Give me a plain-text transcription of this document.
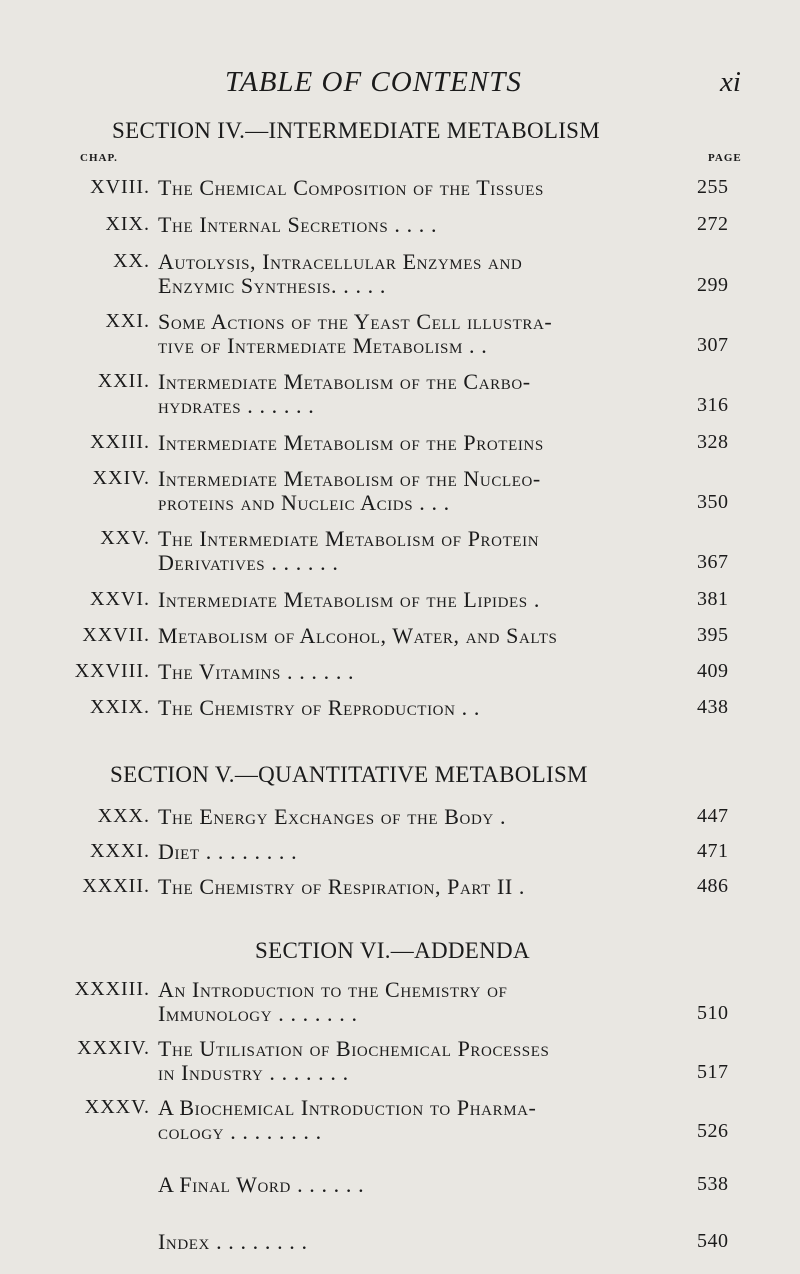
TABLE OF CONTENTS	xi
SECTION IV.—INTERMEDIATE METABOLISM
CHAP.	PAGE
XVIII. The Chemical Composition of the Tissues	255
XIX. The Internal Secretions . . . .	272
XX. Autolysis, Intracellular Enzymes and
Enzymic Synthesis. . . . .	299
XXI. Some Actions of the Yeast Cell illustra-
tive of Intermediate Metabolism . .	307
XXII. Intermediate Metabolism of the Carbo-
hydrates . . . . . .	316
XXIII. Intermediate Metabolism of the Proteins	328
XXIV. Intermediate Metabolism of the Nucleo-
proteins and Nucleic Acids . . .	350
XXV. The Intermediate Metabolism of Protein
Derivatives . . . . . .	367
XXVI. Intermediate Metabolism of the Lipides .	381
XXVII. Metabolism of Alcohol, Water, and Salts	395
XXVIII. The Vitamins . . . . . .	409
XXIX. The Chemistry of Reproduction . .	438
SECTION V.—QUANTITATIVE METABOLISM
XXX. The Energy Exchanges of the Body .	447
XXXI. Diet . . . . . . . .	471
XXXII. The Chemistry of Respiration, Part II .	486
SECTION VI.—ADDENDA
XXXIII. An Introduction to the Chemistry of
Immunology . . . . . . .	510
XXXIV. The Utilisation of Biochemical Processes
in Industry . . . . . . .	517
XXXV. A Biochemical Introduction to Pharma-
cology . . . . . . . .	526
A Final Word . . . . . .	538
Index . . . . . . . .	540
